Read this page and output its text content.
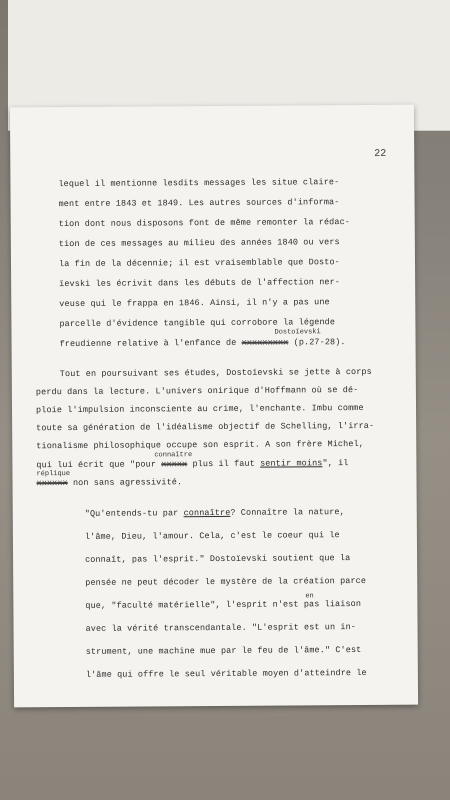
22
lequel il mentionne lesdits messages les situe claire-
ment entre 1843 et 1849. Les autres sources d'informa-
tion dont nous disposons font de même remonter la rédac-
tion de ces messages au milieu des années 1840 ou vers
la fin de la décennie; il est vraisemblable que Dosto-
ïevski les écrivit dans les débuts de l'affection ner-
veuse qui le frappa en 1846. Ainsi, il n'y a pas une
parcelle d'évidence tangible qui corrobore la légende
Dostoïevski
freudienne relative à l'enfance de xxxxxxxxx (p.27-28).
Tout en poursuivant ses études, Dostoïevski se jette à corps
perdu dans la lecture. L'univers onirique d'Hoffmann où se dé-
ploie l'impulsion inconsciente au crime, l'enchante. Imbu comme
toute sa génération de l'idéalisme objectif de Schelling, l'irra-
tionalisme philosophique occupe son esprit. A son frère Michel,
connaître
qui lui écrit que "pour xxxxx plus il faut sentir moins", il
réplique
xxxxxx non sans agressivité.
"Qu'entends-tu par connaître? Connaître la nature,
l'âme, Dieu, l'amour. Cela, c'est le coeur qui le
connaît, pas l'esprit." Dostoïevski soutient que la
pensée ne peut décoder le mystère de la création parce
en
que, "faculté matérielle", l'esprit n'est pas liaison
avec la vérité transcendantale. "L'esprit est un in-
strument, une machine mue par le feu de l'âme." C'est
l'âme qui offre le seul véritable moyen d'atteindre le
